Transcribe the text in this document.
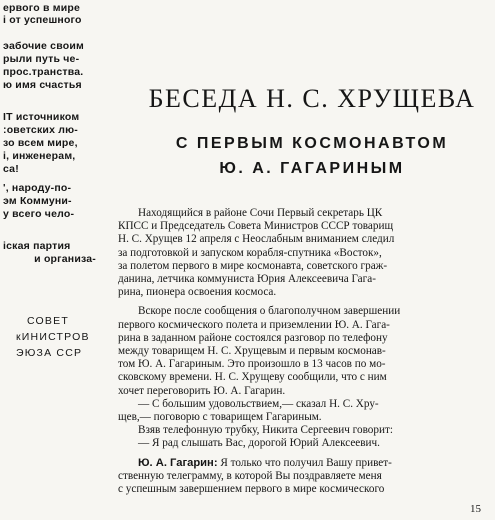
ервого в мире
і от успешного
эабочие своим
рыли путь че-
прос.транства.
ю имя счастья
IT источником
:оветских лю-
зо всем мире,
і, инженерам,
са!
', народу-по-
эм Коммуни-
у всего чело-
іская партия
и организа-
СОВЕТ
кИНИСТРОВ
ЭЮЗА ССР
БЕСЕДА Н. С. ХРУЩЕВА
С ПЕРВЫМ КОСМОНАВТОМ
Ю. А. ГАГАРИНЫМ

Находящийся в районе Сочи Первый секретарь ЦК
КПСС и Председатель Совета Министров СССР товарищ
Н. С. Хрущев 12 апреля с Неослабным вниманием следил
за подготовкой и запуском корабля-спутника «Восток»,
за полетом первого в мире космонавта, советского граж-
данина, летчика коммуниста Юрия Алексеевича Гага-
рина, пионера освоения космоса.

Вскоре после сообщения о благополучном завершении
первого космического полета и приземлении Ю. А. Гага-
рина в заданном районе состоялся разговор по телефону
между товарищем Н. С. Хрущевым и первым космонав-
том Ю. А. Гагариным. Это произошло в 13 часов по мо-
сковскому времени. Н. С. Хрущеву сообщили, что с ним
хочет переговорить Ю. А. Гагарин.

— С большим удовольствием,— сказал Н. С. Хру-
щев,— поговорю с товарищем Гагариным.

Взяв телефонную трубку, Никита Сергеевич говорит:

— Я рад слышать Вас, дорогой Юрий Алексеевич.

Ю. А. Гагарин: Я только что получил Вашу привет-
ственную телеграмму, в которой Вы поздравляете меня
с успешным завершением первого в мире космического

15
